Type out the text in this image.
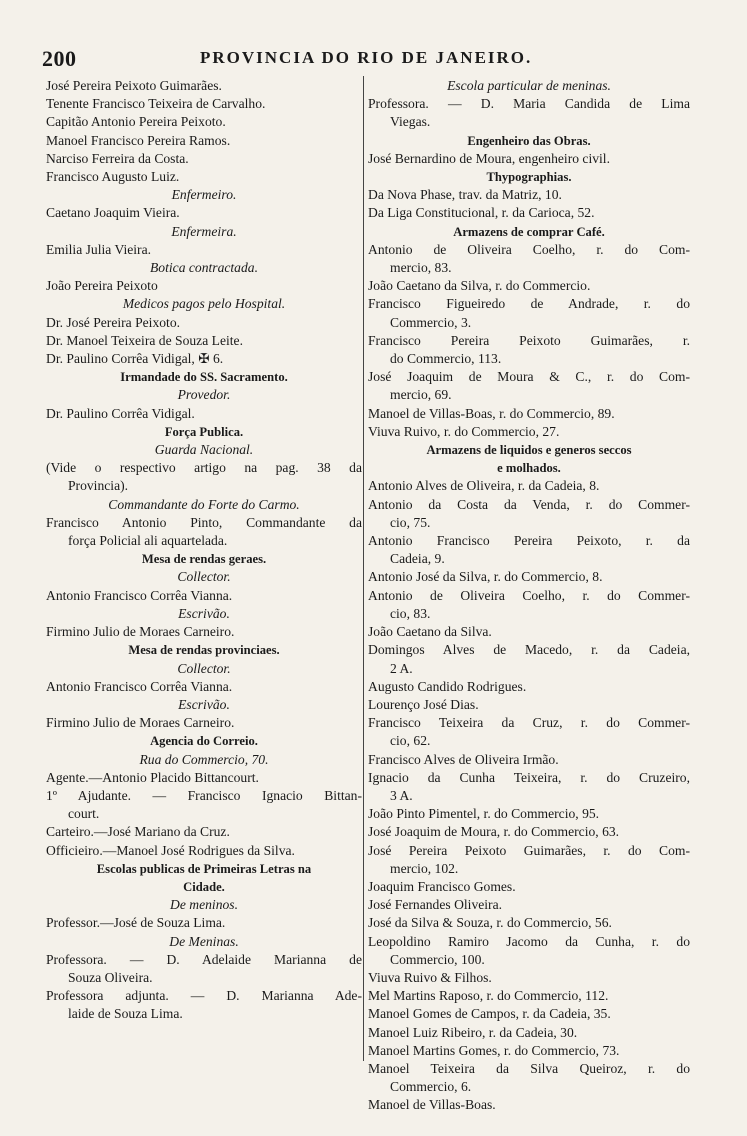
200	PROVINCIA DO RIO DE JANEIRO.
José Pereira Peixoto Guimarães.
Tenente Francisco Teixeira de Carvalho.
Capitão Antonio Pereira Peixoto.
Manoel Francisco Pereira Ramos.
Narciso Ferreira da Costa.
Francisco Augusto Luiz.
Enfermeiro.
Caetano Joaquim Vieira.
Enfermeira.
Emilia Julia Vieira.
Botica contractada.
João Pereira Peixoto
Medicos pagos pelo Hospital.
Dr. José Pereira Peixoto.
Dr. Manoel Teixeira de Souza Leite.
Dr. Paulino Corrêa Vidigal, ✠ 6.
Irmandade do SS. Sacramento.
Provedor.
Dr. Paulino Corrêa Vidigal.
Força Publica.
Guarda Nacional.
(Vide o respectivo artigo na pag. 38 da
Provincia).
Commandante do Forte do Carmo.
Francisco Antonio Pinto, Commandante da
força Policial ali aquartelada.
Mesa de rendas geraes.
Collector.
Antonio Francisco Corrêa Vianna.
Escrivão.
Firmino Julio de Moraes Carneiro.
Mesa de rendas provinciaes.
Collector.
Antonio Francisco Corrêa Vianna.
Escrivão.
Firmino Julio de Moraes Carneiro.
Agencia do Correio.
Rua do Commercio, 70.
Agente.—Antonio Placido Bittancourt.
1º Ajudante. — Francisco Ignacio Bittan-
court.
Carteiro.—José Mariano da Cruz.
Officieiro.—Manoel José Rodrigues da Silva.
Escolas publicas de Primeiras Letras na
Cidade.
De meninos.
Professor.—José de Souza Lima.
De Meninas.
Professora. — D. Adelaide Marianna de
Souza Oliveira.
Professora adjunta. — D. Marianna Ade-
laide de Souza Lima.
Escola particular de meninas.
Professora. — D. Maria Candida de Lima
Viegas.
Engenheiro das Obras.
José Bernardino de Moura, engenheiro civil.
Thypographias.
Da Nova Phase, trav. da Matriz, 10.
Da Liga Constitucional, r. da Carioca, 52.
Armazens de comprar Café.
Antonio de Oliveira Coelho, r. do Com-
mercio, 83.
João Caetano da Silva, r. do Commercio.
Francisco Figueiredo de Andrade, r. do
Commercio, 3.
Francisco Pereira Peixoto Guimarães, r.
do Commercio, 113.
José Joaquim de Moura & C., r. do Com-
mercio, 69.
Manoel de Villas-Boas, r. do Commercio, 89.
Viuva Ruivo, r. do Commercio, 27.
Armazens de liquidos e generos seccos
e molhados.
Antonio Alves de Oliveira, r. da Cadeia, 8.
Antonio da Costa da Venda, r. do Commer-
cio, 75.
Antonio Francisco Pereira Peixoto, r. da
Cadeia, 9.
Antonio José da Silva, r. do Commercio, 8.
Antonio de Oliveira Coelho, r. do Commer-
cio, 83.
João Caetano da Silva.
Domingos Alves de Macedo, r. da Cadeia,
2 A.
Augusto Candido Rodrigues.
Lourenço José Dias.
Francisco Teixeira da Cruz, r. do Commer-
cio, 62.
Francisco Alves de Oliveira Irmão.
Ignacio da Cunha Teixeira, r. do Cruzeiro,
3 A.
João Pinto Pimentel, r. do Commercio, 95.
José Joaquim de Moura, r. do Commercio, 63.
José Pereira Peixoto Guimarães, r. do Com-
mercio, 102.
Joaquim Francisco Gomes.
José Fernandes Oliveira.
José da Silva & Souza, r. do Commercio, 56.
Leopoldino Ramiro Jacomo da Cunha, r. do
Commercio, 100.
Viuva Ruivo & Filhos.
Mel Martins Raposo, r. do Commercio, 112.
Manoel Gomes de Campos, r. da Cadeia, 35.
Manoel Luiz Ribeiro, r. da Cadeia, 30.
Manoel Martins Gomes, r. do Commercio, 73.
Manoel Teixeira da Silva Queiroz, r. do
Commercio, 6.
Manoel de Villas-Boas.
